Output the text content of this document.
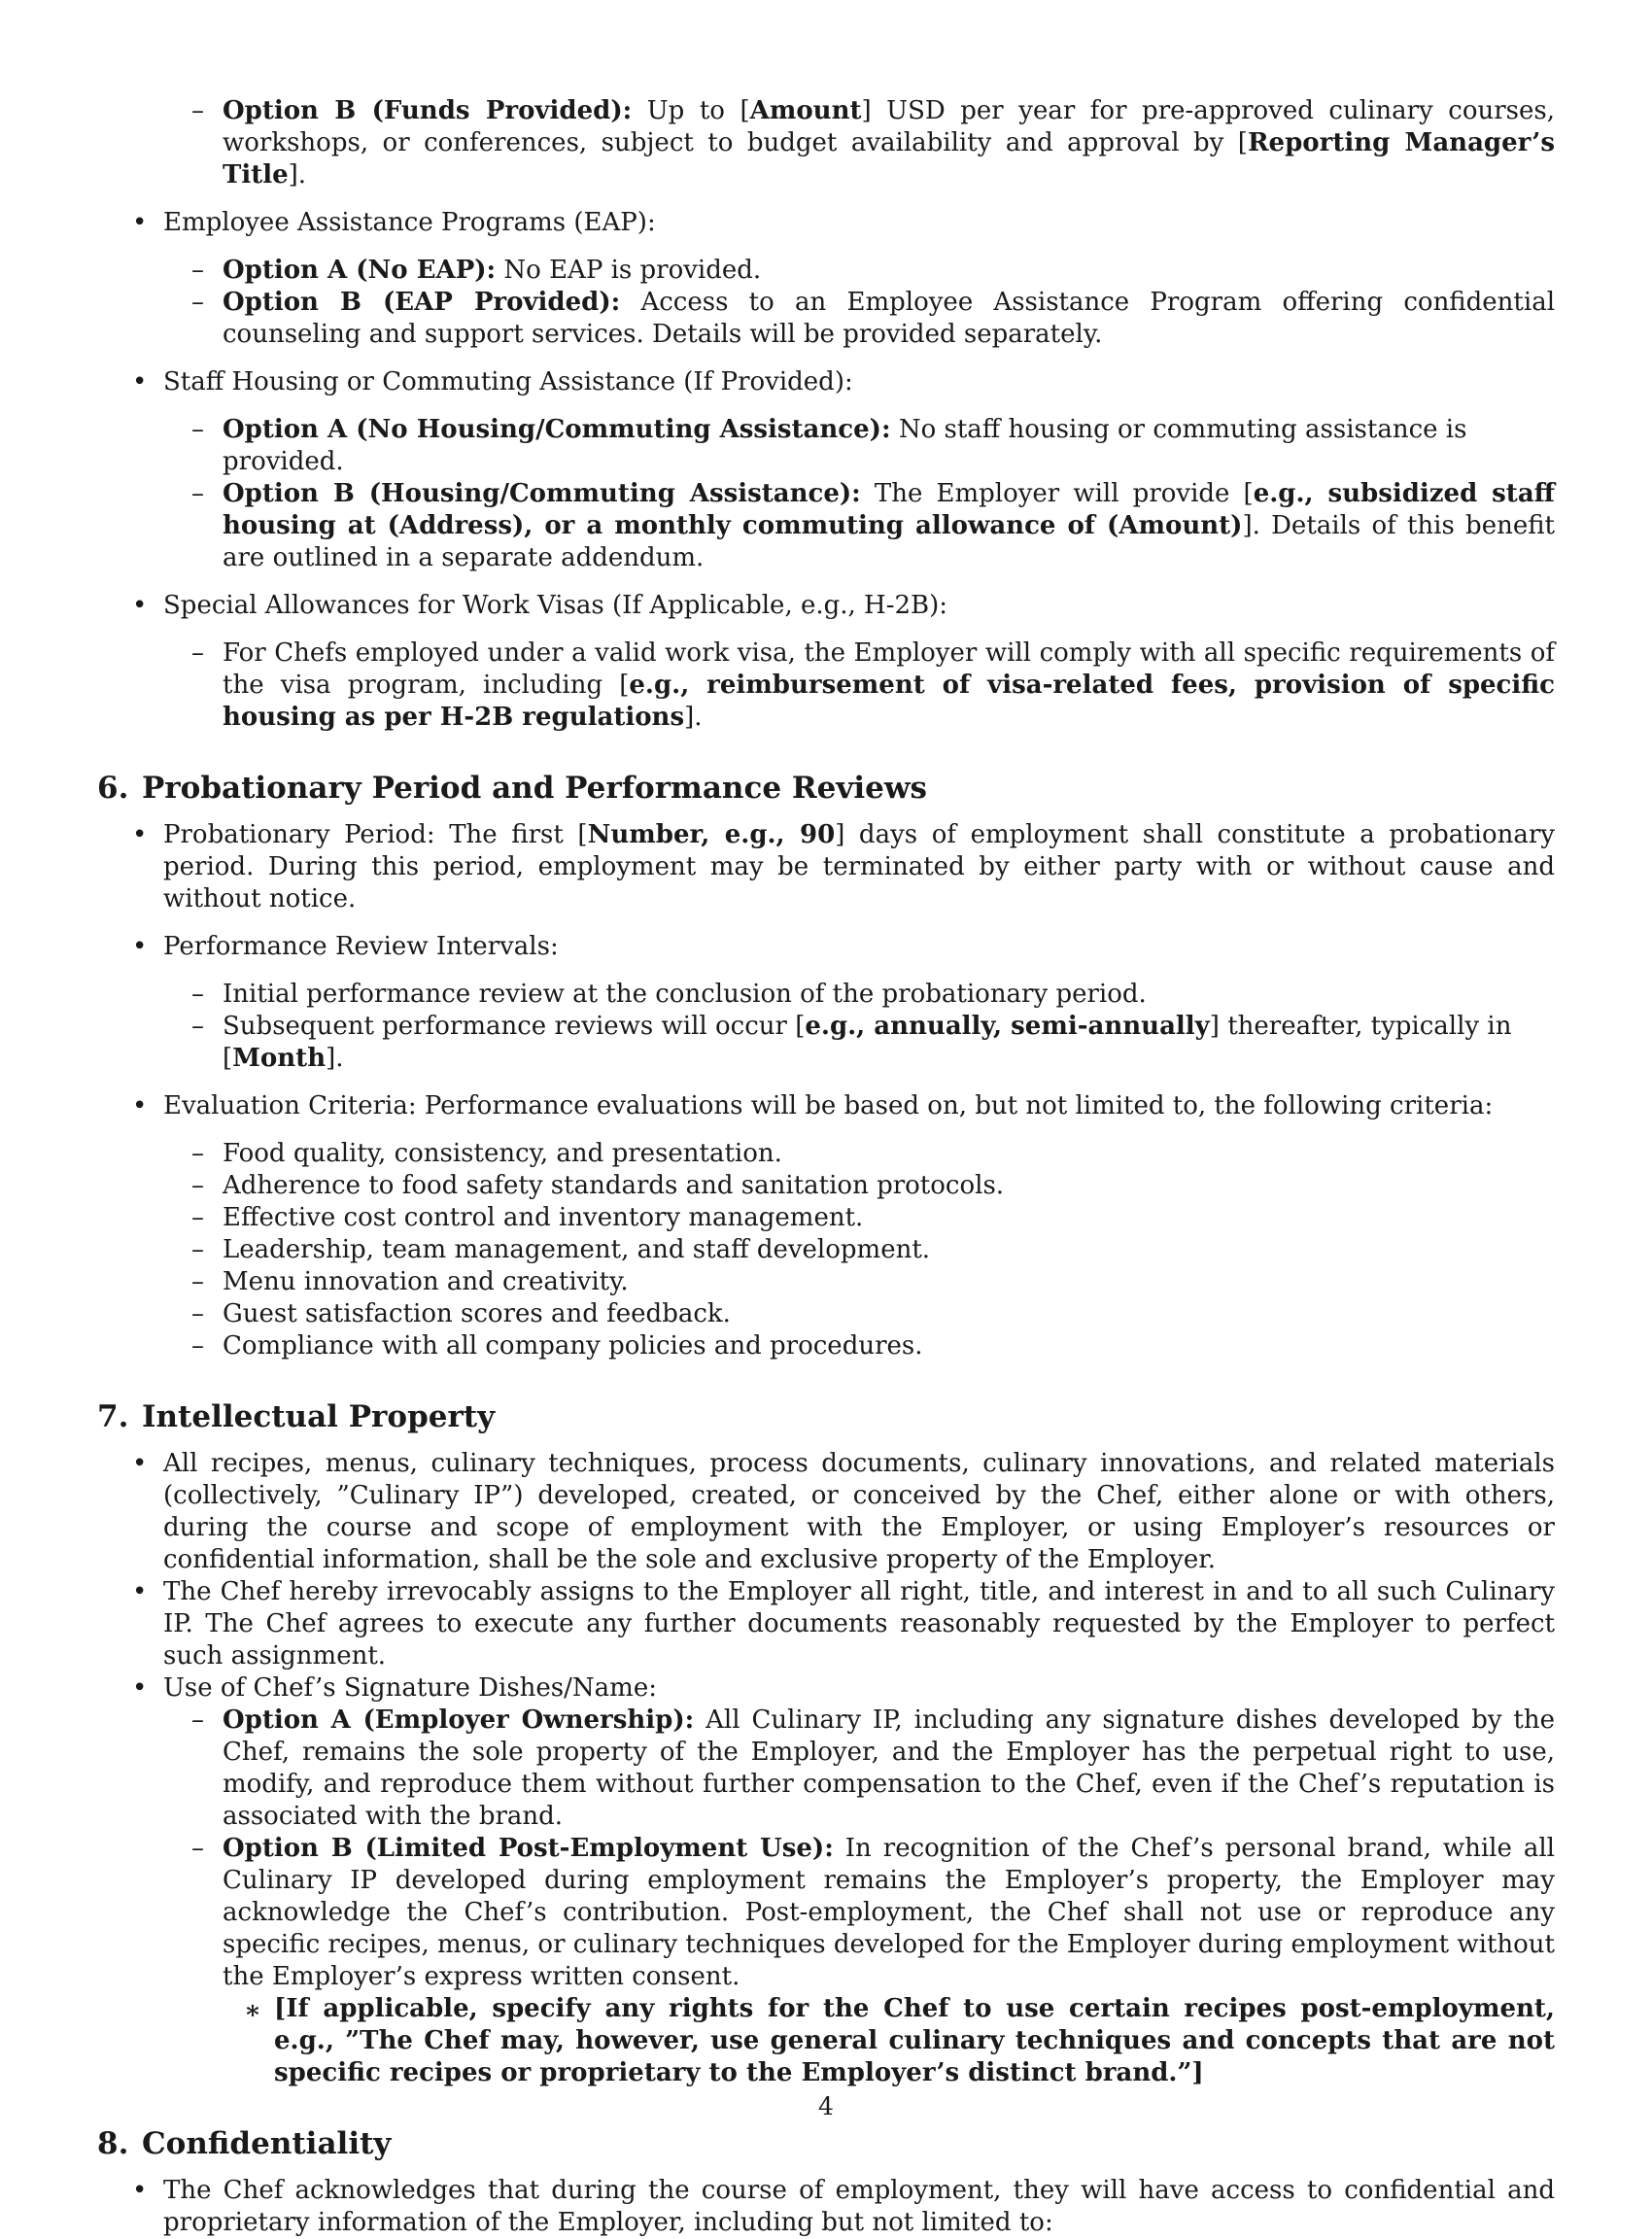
– Option B (Funds Provided): Up to [Amount] USD per year for pre-approved culinary courses, workshops, or conferences, subject to budget availability and approval by [Reporting Manager’s Title].
• Employee Assistance Programs (EAP):
– Option A (No EAP): No EAP is provided.
– Option B (EAP Provided): Access to an Employee Assistance Program offering confidential counseling and support services. Details will be provided separately.
• Staff Housing or Commuting Assistance (If Provided):
– Option A (No Housing/Commuting Assistance): No staff housing or commuting assistance is provided.
– Option B (Housing/Commuting Assistance): The Employer will provide [e.g., subsidized staff housing at (Address), or a monthly commuting allowance of (Amount)]. Details of this benefit are outlined in a separate addendum.
• Special Allowances for Work Visas (If Applicable, e.g., H-2B):
– For Chefs employed under a valid work visa, the Employer will comply with all specific requirements of the visa program, including [e.g., reimbursement of visa-related fees, provision of specific housing as per H-2B regulations].
6. Probationary Period and Performance Reviews
• Probationary Period: The first [Number, e.g., 90] days of employment shall constitute a probationary period. During this period, employment may be terminated by either party with or without cause and without notice.
• Performance Review Intervals:
– Initial performance review at the conclusion of the probationary period.
– Subsequent performance reviews will occur [e.g., annually, semi-annually] thereafter, typically in [Month].
• Evaluation Criteria: Performance evaluations will be based on, but not limited to, the following criteria:
– Food quality, consistency, and presentation.
– Adherence to food safety standards and sanitation protocols.
– Effective cost control and inventory management.
– Leadership, team management, and staff development.
– Menu innovation and creativity.
– Guest satisfaction scores and feedback.
– Compliance with all company policies and procedures.
7. Intellectual Property
• All recipes, menus, culinary techniques, process documents, culinary innovations, and related materials (collectively, ”Culinary IP”) developed, created, or conceived by the Chef, either alone or with others, during the course and scope of employment with the Employer, or using Employer’s resources or confidential information, shall be the sole and exclusive property of the Employer.
• The Chef hereby irrevocably assigns to the Employer all right, title, and interest in and to all such Culinary IP. The Chef agrees to execute any further documents reasonably requested by the Employer to perfect such assignment.
• Use of Chef’s Signature Dishes/Name:
– Option A (Employer Ownership): All Culinary IP, including any signature dishes developed by the Chef, remains the sole property of the Employer, and the Employer has the perpetual right to use, modify, and reproduce them without further compensation to the Chef, even if the Chef’s reputation is associated with the brand.
– Option B (Limited Post-Employment Use): In recognition of the Chef’s personal brand, while all Culinary IP developed during employment remains the Employer’s property, the Employer may acknowledge the Chef’s contribution. Post-employment, the Chef shall not use or reproduce any specific recipes, menus, or culinary techniques developed for the Employer during employment without the Employer’s express written consent.
∗ [If applicable, specify any rights for the Chef to use certain recipes post-employment, e.g., ”The Chef may, however, use general culinary techniques and concepts that are not specific recipes or proprietary to the Employer’s distinct brand.”]
8. Confidentiality
• The Chef acknowledges that during the course of employment, they will have access to confidential and proprietary information of the Employer, including but not limited to:
4
